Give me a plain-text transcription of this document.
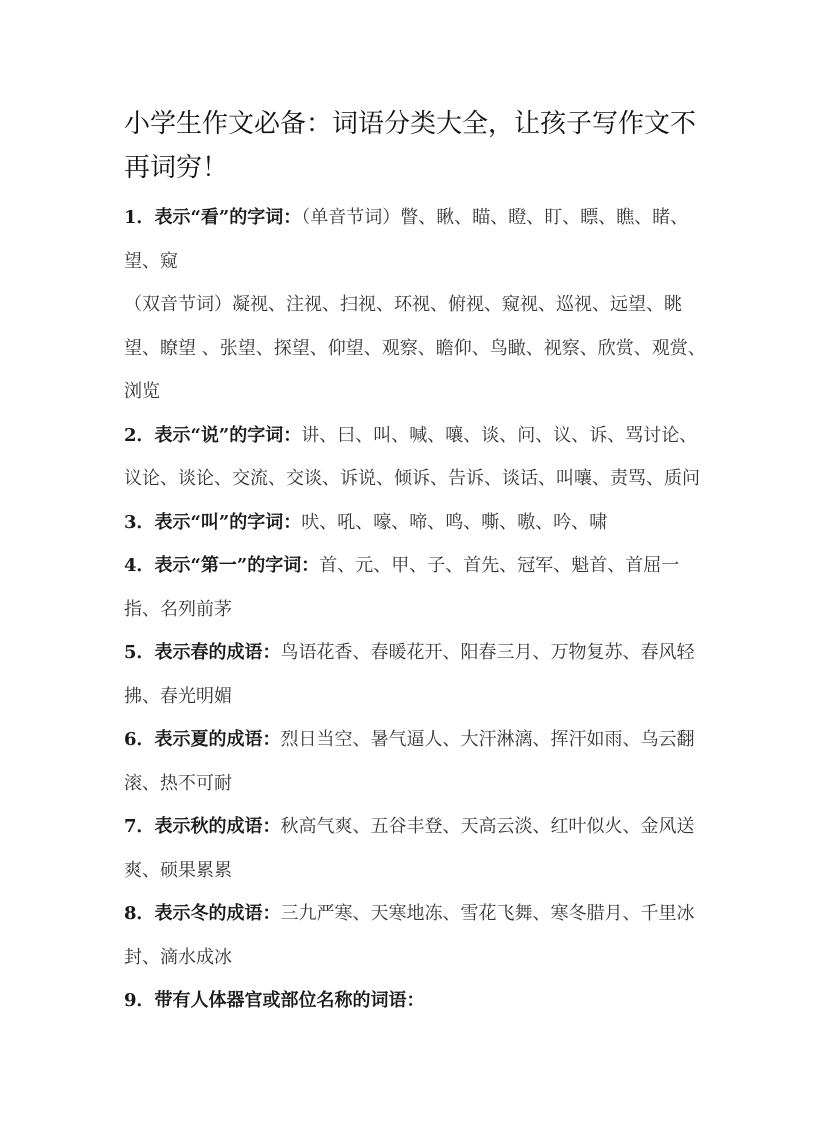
小学生作文必备：词语分类大全，让孩子写作文不再词穷！

1．表示“看”的字词：（单音节词）瞥、瞅、瞄、瞪、盯、瞟、瞧、睹、望、窥

（双音节词）凝视、注视、扫视、环视、俯视、窥视、巡视、远望、眺望、瞭望 、张望、探望、仰望、观察、瞻仰、鸟瞰、视察、欣赏、观赏、浏览

2．表示“说”的字词：讲、曰、叫、喊、嚷、谈、问、议、诉、骂讨论、议论、谈论、交流、交谈、诉说、倾诉、告诉、谈话、叫嚷、责骂、质问

3．表示“叫”的字词：吠、吼、嚎、啼、鸣、嘶、嗷、吟、啸

4．表示“第一”的字词：首、元、甲、子、首先、冠军、魁首、首屈一指、名列前茅

5．表示春的成语：鸟语花香、春暖花开、阳春三月、万物复苏、春风轻拂、春光明媚

6．表示夏的成语：烈日当空、暑气逼人、大汗淋漓、挥汗如雨、乌云翻滚、热不可耐

7．表示秋的成语：秋高气爽、五谷丰登、天高云淡、红叶似火、金风送爽、硕果累累

8．表示冬的成语：三九严寒、天寒地冻、雪花飞舞、寒冬腊月、千里冰封、滴水成冰

9．带有人体器官或部位名称的词语：
